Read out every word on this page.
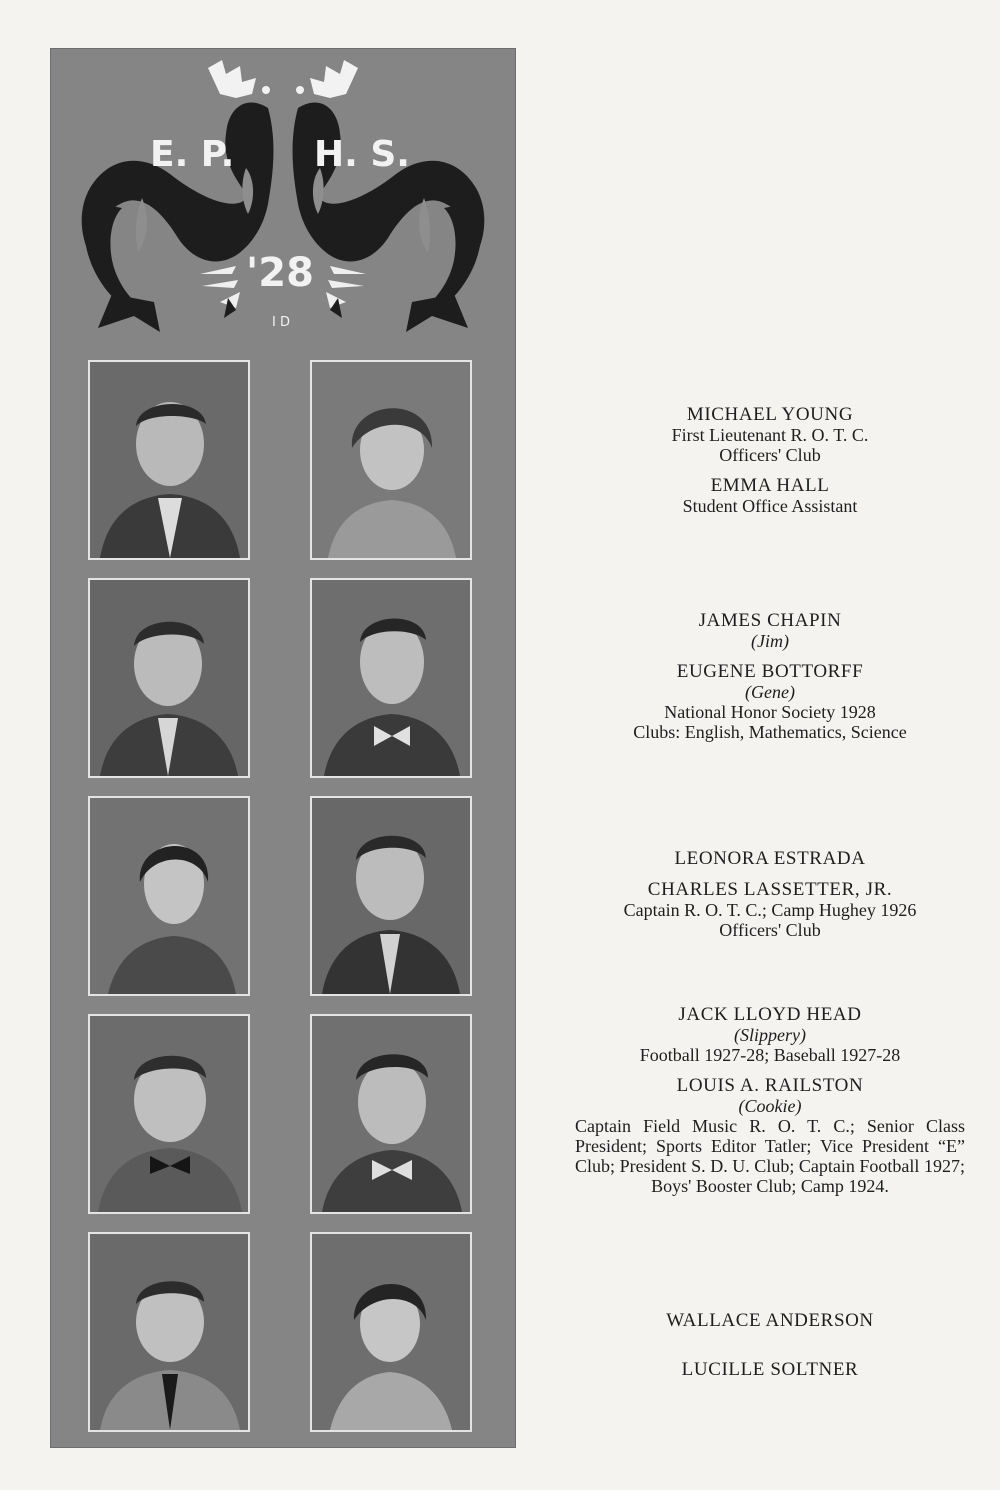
E. P. H. S.
'28
I D
MICHAEL YOUNG
First Lieutenant R. O. T. C.
Officers' Club
EMMA HALL
Student Office Assistant
JAMES CHAPIN
(Jim)
EUGENE BOTTORFF
(Gene)
National Honor Society 1928
Clubs: English, Mathematics, Science
LEONORA ESTRADA
CHARLES LASSETTER, JR.
Captain R. O. T. C.; Camp Hughey 1926
Officers' Club
JACK LLOYD HEAD
(Slippery)
Football 1927-28; Baseball 1927-28
LOUIS A. RAILSTON
(Cookie)
Captain Field Music R. O. T. C.; Senior Class President; Sports Editor Tatler; Vice President “E” Club; President S. D. U. Club; Captain Football 1927; Boys' Booster Club; Camp 1924.
WALLACE ANDERSON
LUCILLE SOLTNER
